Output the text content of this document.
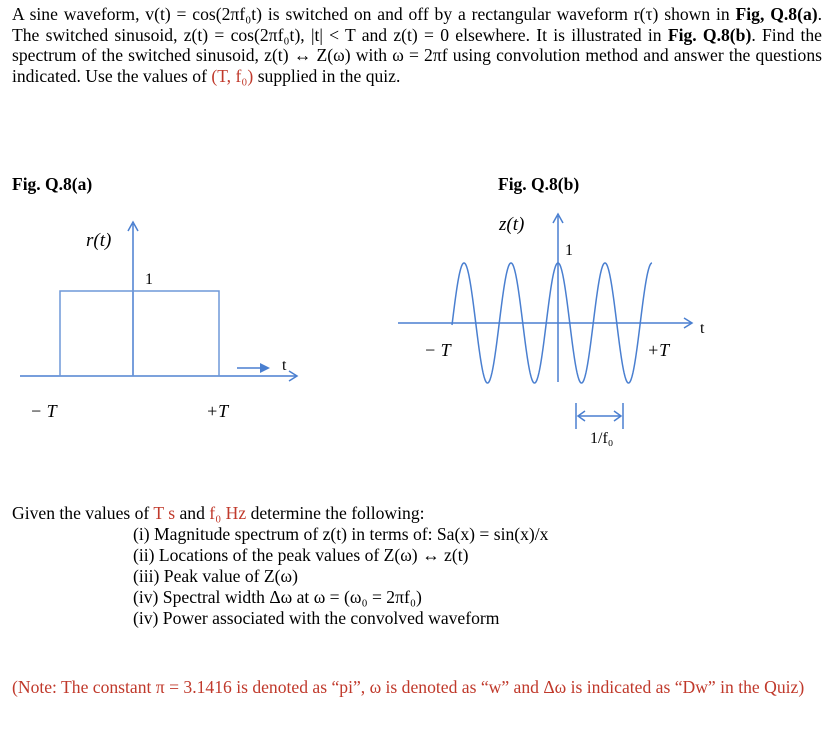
A sine waveform, v(t) = cos(2πf₀t) is switched on and off by a rectangular waveform r(τ) shown in Fig, Q.8(a). The switched sinusoid, z(t) = cos(2πf₀t), |t| < T and z(t) = 0 elsewhere. It is illustrated in Fig. Q.8(b). Find the spectrum of the switched sinusoid, z(t) ↔ Z(ω) with ω = 2πf using convolution method and answer the questions indicated. Use the values of (T, f₀) supplied in the quiz.
Fig. Q.8(a)	Fig. Q.8(b)
r(t)
1
t
− T	+T
z(t)
1
t
− T	+T
1/f₀
Given the values of T s and f₀ Hz determine the following:
(i) Magnitude spectrum of z(t) in terms of: Sa(x) = sin(x)/x
(ii) Locations of the peak values of Z(ω) ↔ z(t)
(iii) Peak value of Z(ω)
(iv) Spectral width Δω at ω = (ω₀ = 2πf₀)
(iv) Power associated with the convolved waveform
(Note: The constant π = 3.1416 is denoted as “pi”, ω is denoted as “w” and Δω is indicated as “Dw” in the Quiz)
